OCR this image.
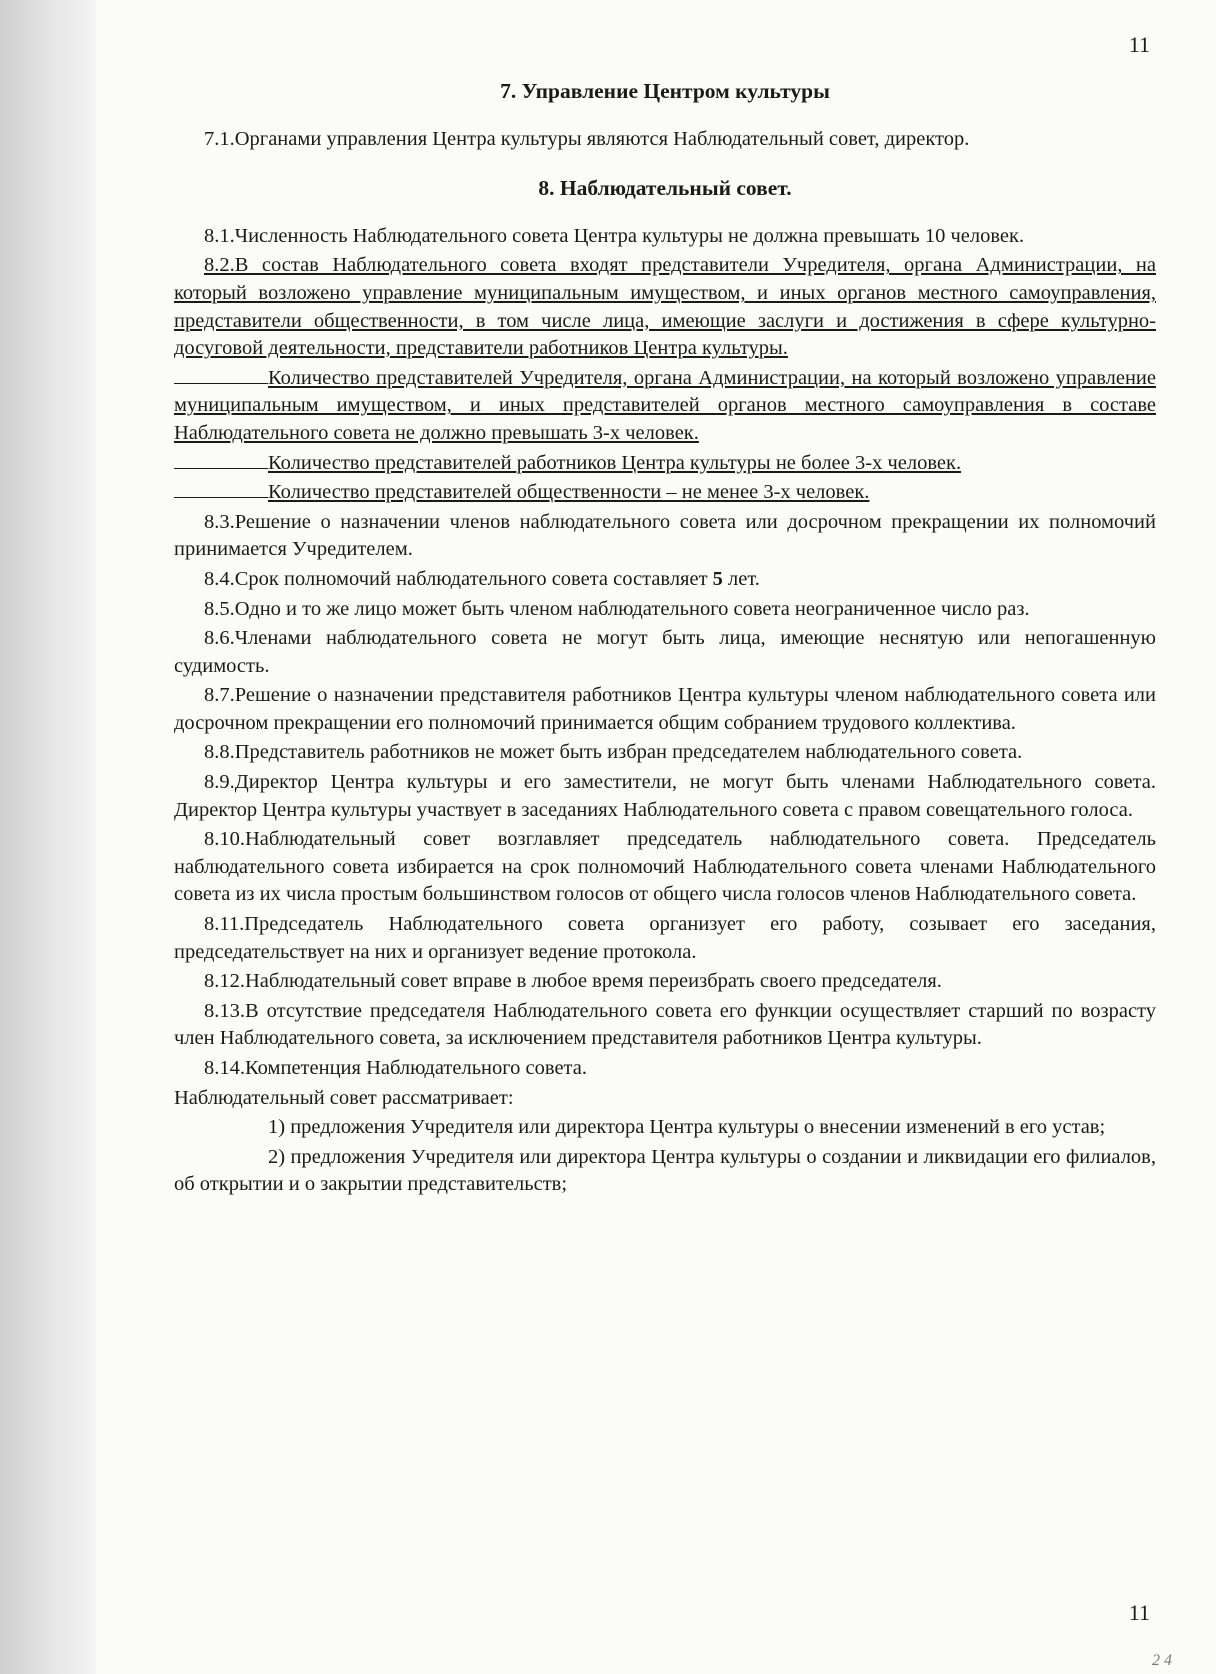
11
11
2 4
7. Управление Центром культуры

7.1.Органами управления Центра культуры являются Наблюдательный совет, директор.

8. Наблюдательный совет.

8.1.Численность Наблюдательного совета Центра культуры не должна превышать 10 человек.

8.2.В состав Наблюдательного совета входят представители Учредителя, органа Администрации, на который возложено управление муниципальным имуществом, и иных органов местного самоуправления, представители общественности, в том числе лица, имеющие заслуги и достижения в сфере культурно-досуговой деятельности, представители работников Центра культуры.

Количество представителей Учредителя, органа Администрации, на который возложено управление муниципальным имуществом, и иных представителей органов местного самоуправления в составе Наблюдательного совета не должно превышать 3-х человек.

Количество представителей работников Центра культуры не более 3-х человек.

Количество представителей общественности – не менее 3-х человек.

8.3.Решение о назначении членов наблюдательного совета или досрочном прекращении их полномочий принимается Учредителем.

8.4.Срок полномочий наблюдательного совета составляет 5 лет.

8.5.Одно и то же лицо может быть членом наблюдательного совета неограниченное число раз.

8.6.Членами наблюдательного совета не могут быть лица, имеющие неснятую или непогашенную судимость.

8.7.Решение о назначении представителя работников Центра культуры членом наблюдательного совета или досрочном прекращении его полномочий принимается общим собранием трудового коллектива.

8.8.Представитель работников не может быть избран председателем наблюдательного совета.

8.9.Директор Центра культуры и его заместители, не могут быть членами Наблюдательного совета. Директор Центра культуры участвует в заседаниях Наблюдательного совета с правом совещательного голоса.

8.10.Наблюдательный совет возглавляет председатель наблюдательного совета. Председатель наблюдательного совета избирается на срок полномочий Наблюдательного совета членами Наблюдательного совета из их числа простым большинством голосов от общего числа голосов членов Наблюдательного совета.

8.11.Председатель Наблюдательного совета организует его работу, созывает его заседания, председательствует на них и организует ведение протокола.

8.12.Наблюдательный совет вправе в любое время переизбрать своего председателя.

8.13.В отсутствие председателя Наблюдательного совета его функции осуществляет старший по возрасту член Наблюдательного совета, за исключением представителя работников Центра культуры.

8.14.Компетенция Наблюдательного совета.

Наблюдательный совет рассматривает:

1) предложения Учредителя или директора Центра культуры о внесении изменений в его устав;

2) предложения Учредителя или директора Центра культуры о создании и ликвидации его филиалов, об открытии и о закрытии представительств;
